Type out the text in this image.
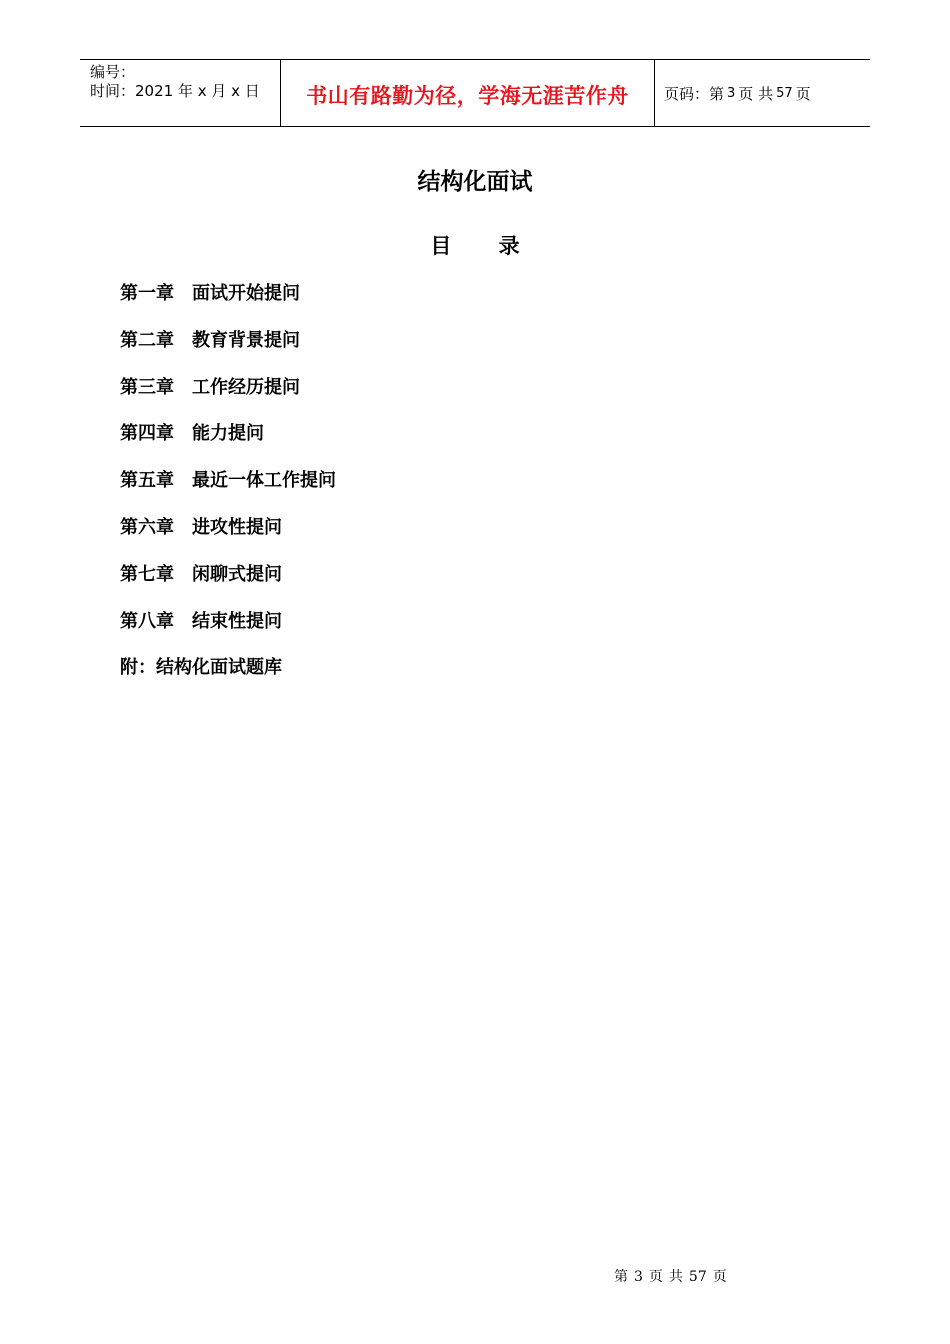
编号：
时间：2021 年 x 月 x 日	书山有路勤为径，学海无涯苦作舟 页码：第 3 页 共 57 页
结构化面试
目 录
第一章 面试开始提问
第二章 教育背景提问
第三章 工作经历提问
第四章 能力提问
第五章 最近一体工作提问
第六章 进攻性提问
第七章 闲聊式提问
第八章 结束性提问
附：结构化面试题库
第 3 页 共 57 页
